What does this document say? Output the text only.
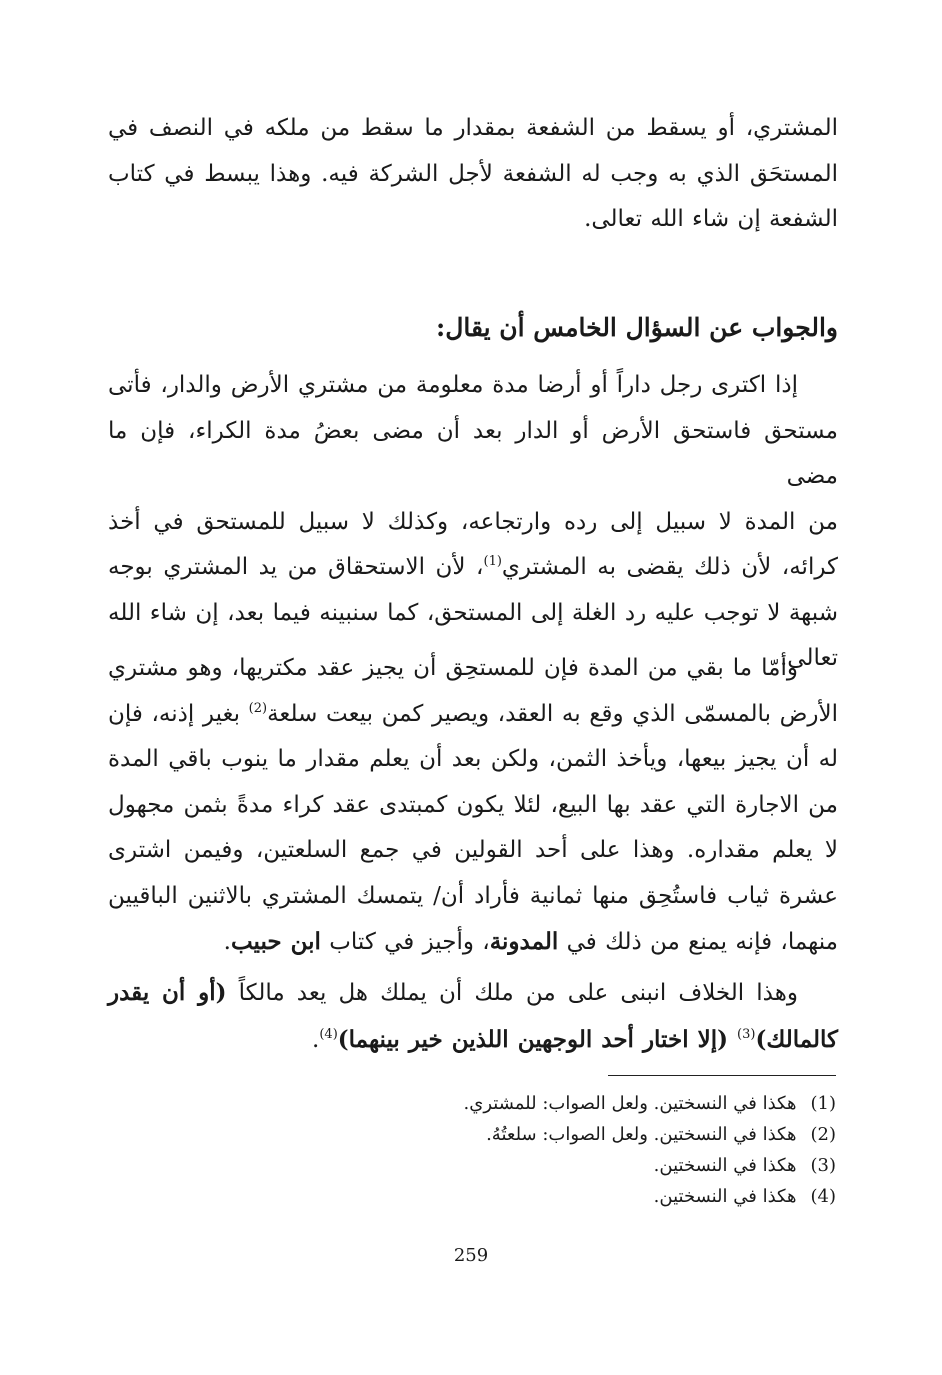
المشتري، أو يسقط من الشفعة بمقدار ما سقط من ملكه في النصف في
المستحَق الذي به وجب له الشفعة لأجل الشركة فيه. وهذا يبسط في كتاب
الشفعة إن شاء الله تعالى.
والجواب عن السؤال الخامس أن يقال:
إذا اكترى رجل داراً أو أرضا مدة معلومة من مشتري الأرض والدار، فأتى
مستحق فاستحق الأرض أو الدار بعد أن مضى بعضُ مدة الكراء، فإن ما مضى
من المدة لا سبيل إلى رده وارتجاعه، وكذلك لا سبيل للمستحق في أخذ
كرائه، لأن ذلك يقضى به المشتري$^{(1)}$، لأن الاستحقاق من يد المشتري بوجه
شبهة لا توجب عليه رد الغلة إلى المستحق، كما سنبينه فيما بعد، إن شاء الله
تعالى.
وأمّا ما بقي من المدة فإن للمستحِق أن يجيز عقد مكتريها، وهو مشتري
الأرض بالمسمّى الذي وقع به العقد، ويصير كمن بيعت سلعة$^{(2)}$ بغير إذنه، فإن
له أن يجيز بيعها، ويأخذ الثمن، ولكن بعد أن يعلم مقدار ما ينوب باقي المدة
من الاجارة التي عقد بها البيع، لئلا يكون كمبتدى عقد كراء مدةً بثمن مجهول
لا يعلم مقداره. وهذا على أحد القولين في جمع السلعتين، وفيمن اشترى
عشرة ثياب فاستُحِق منها ثمانية فأراد أن/ يتمسك المشتري بالاثنين الباقيين
منهما، فإنه يمنع من ذلك في المدونة، وأجيز في كتاب ابن حبيب.
وهذا الخلاف انبنى على من ملك أن يملك هل يعد مالكاً (أو أن يقدر
كالمالك)$^{(3)}$ (إلا اختار أحد الوجهين اللذين خير بينهما)$^{(4)}$.
(1)هكذا في النسختين. ولعل الصواب: للمشتري.
(2)هكذا في النسختين. ولعل الصواب: سلعتُهُ.
(3)هكذا في النسختين.
(4)هكذا في النسختين.
259
